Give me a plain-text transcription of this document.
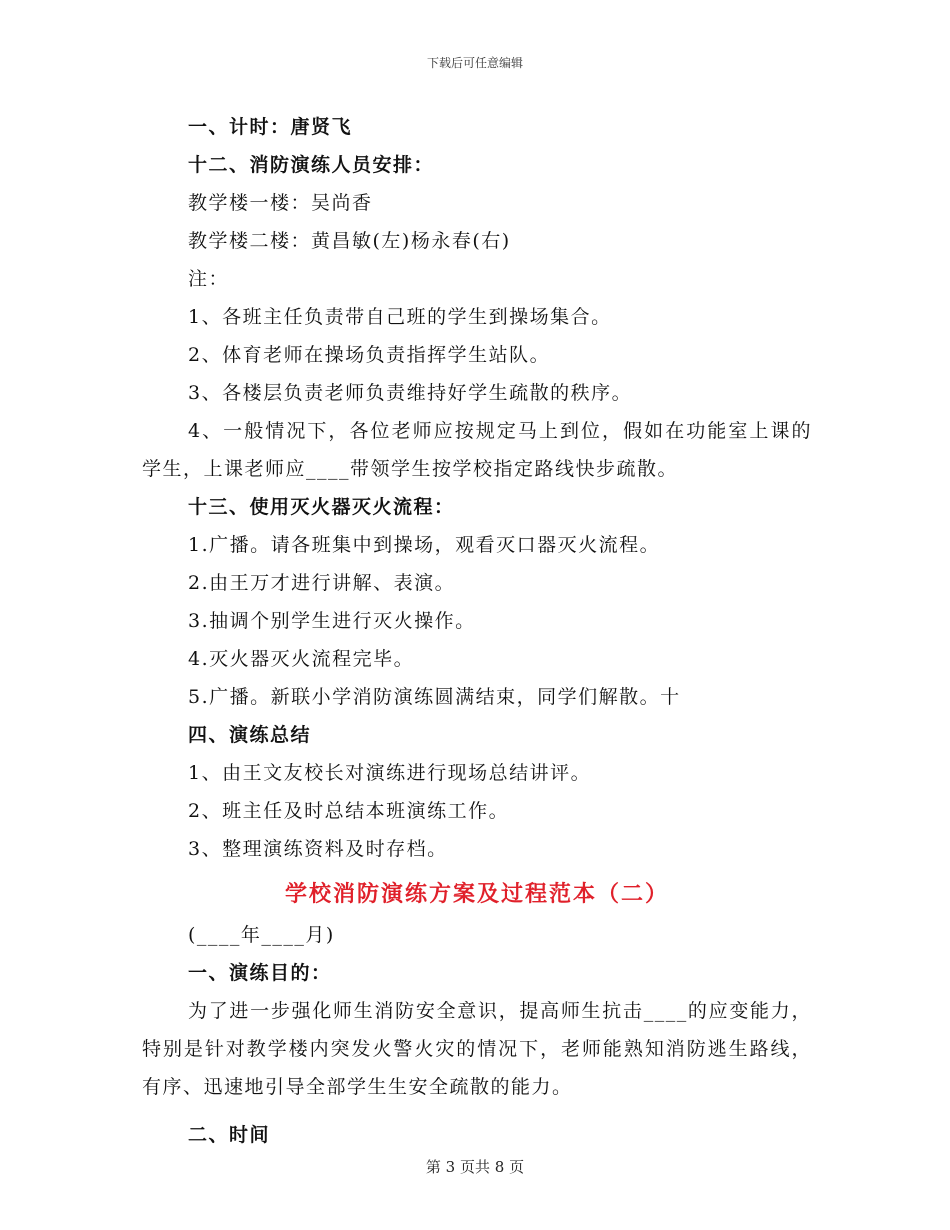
下载后可任意编辑
一、计时：唐贤飞
十二、消防演练人员安排：
教学楼一楼：吴尚香
教学楼二楼：黄昌敏(左)杨永春(右)
注：
1、各班主任负责带自己班的学生到操场集合。
2、体育老师在操场负责指挥学生站队。
3、各楼层负责老师负责维持好学生疏散的秩序。
4、一般情况下，各位老师应按规定马上到位，假如在功能室上课的学生，上课老师应____带领学生按学校指定路线快步疏散。
十三、使用灭火器灭火流程：
1.广播。请各班集中到操场，观看灭口器灭火流程。
2.由王万才进行讲解、表演。
3.抽调个别学生进行灭火操作。
4.灭火器灭火流程完毕。
5.广播。新联小学消防演练圆满结束，同学们解散。十
四、演练总结
1、由王文友校长对演练进行现场总结讲评。
2、班主任及时总结本班演练工作。
3、整理演练资料及时存档。
学校消防演练方案及过程范本（二）
(____年____月)
一、演练目的：
为了进一步强化师生消防安全意识，提高师生抗击____的应变能力，特别是针对教学楼内突发火警火灾的情况下，老师能熟知消防逃生路线，有序、迅速地引导全部学生生安全疏散的能力。
二、时间
第 3 页共 8 页
